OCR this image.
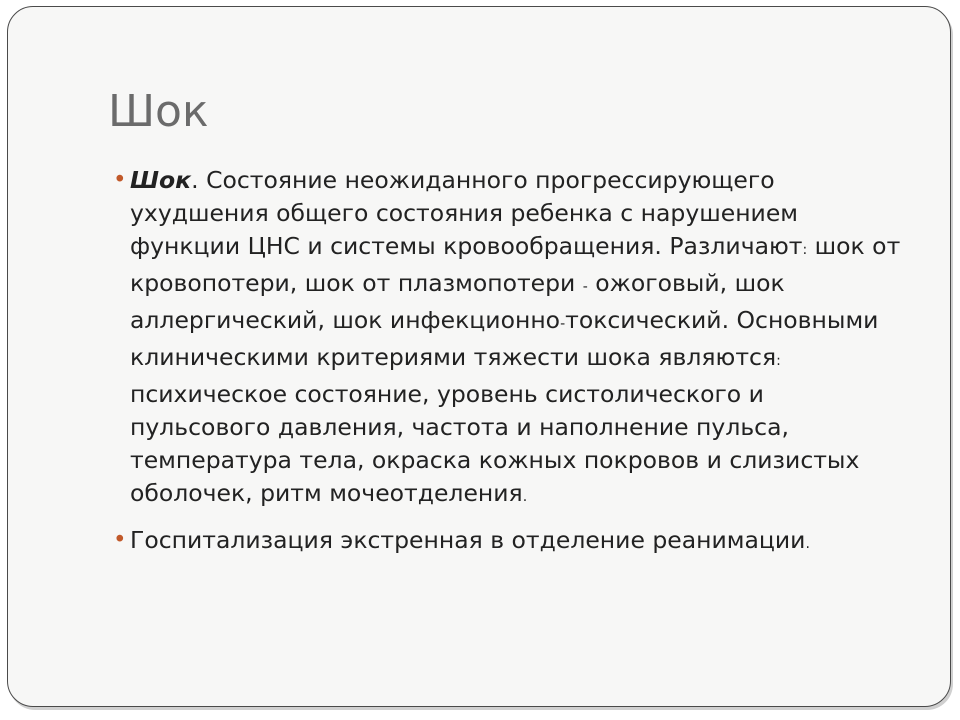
Шок
• Шок. Состояние неожиданного прогрессирующего ухудшения общего состояния ребенка с нарушением функции ЦНС и системы кровообращения. Различают: шок от кровопотери, шок от плазмопотери - ожоговый, шок аллергический, шок инфекционно-токсический. Основными клиническими критериями тяжести шока являются: психическое состояние, уровень систолического и пульсового давления, частота и наполнение пульса, температура тела, окраска кожных покровов и слизистых оболочек, ритм мочеотделения.
• Госпитализация экстренная в отделение реанимации.
